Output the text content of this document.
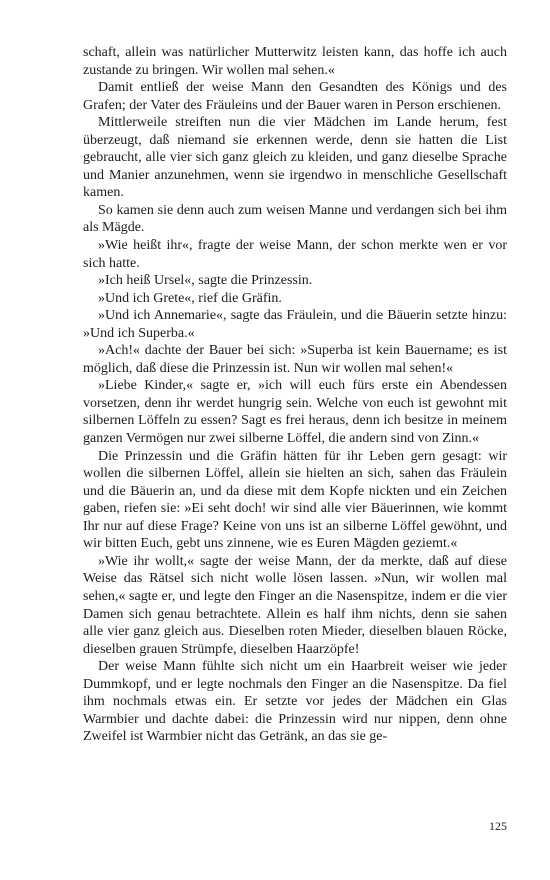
schaft, allein was natürlicher Mutterwitz leisten kann, das hoffe ich auch zustande zu bringen. Wir wollen mal sehen.«

Damit entließ der weise Mann den Gesandten des Königs und des Grafen; der Vater des Fräuleins und der Bauer waren in Person erschienen.

Mittlerweile streiften nun die vier Mädchen im Lande herum, fest überzeugt, daß niemand sie erkennen werde, denn sie hatten die List gebraucht, alle vier sich ganz gleich zu kleiden, und ganz dieselbe Sprache und Manier anzunehmen, wenn sie irgendwo in menschliche Gesellschaft kamen.

So kamen sie denn auch zum weisen Manne und verdangen sich bei ihm als Mägde.

»Wie heißt ihr«, fragte der weise Mann, der schon merkte wen er vor sich hatte.

»Ich heiß Ursel«, sagte die Prinzessin.

»Und ich Grete«, rief die Gräfin.

»Und ich Annemarie«, sagte das Fräulein, und die Bäuerin setzte hinzu: »Und ich Superba.«

»Ach!« dachte der Bauer bei sich: »Superba ist kein Bauername; es ist möglich, daß diese die Prinzessin ist. Nun wir wollen mal sehen!«

»Liebe Kinder,« sagte er, »ich will euch fürs erste ein Abendessen vorsetzen, denn ihr werdet hungrig sein. Welche von euch ist gewohnt mit silbernen Löffeln zu essen? Sagt es frei heraus, denn ich besitze in meinem ganzen Vermögen nur zwei silberne Löffel, die andern sind von Zinn.«

Die Prinzessin und die Gräfin hätten für ihr Leben gern gesagt: wir wollen die silbernen Löffel, allein sie hielten an sich, sahen das Fräulein und die Bäuerin an, und da diese mit dem Kopfe nickten und ein Zeichen gaben, riefen sie: »Ei seht doch! wir sind alle vier Bäuerinnen, wie kommt Ihr nur auf diese Frage? Keine von uns ist an silberne Löffel gewöhnt, und wir bitten Euch, gebt uns zinnene, wie es Euren Mägden geziemt.«

»Wie ihr wollt,« sagte der weise Mann, der da merkte, daß auf diese Weise das Rätsel sich nicht wolle lösen lassen. »Nun, wir wollen mal sehen,« sagte er, und legte den Finger an die Nasenspitze, indem er die vier Damen sich genau betrachtete. Allein es half ihm nichts, denn sie sahen alle vier ganz gleich aus. Dieselben roten Mieder, dieselben blauen Röcke, dieselben grauen Strümpfe, dieselben Haarzöpfe!

Der weise Mann fühlte sich nicht um ein Haarbreit weiser wie jeder Dummkopf, und er legte nochmals den Finger an die Nasenspitze. Da fiel ihm nochmals etwas ein. Er setzte vor jedes der Mädchen ein Glas Warmbier und dachte dabei: die Prinzessin wird nur nippen, denn ohne Zweifel ist Warmbier nicht das Getränk, an das sie ge-

125
